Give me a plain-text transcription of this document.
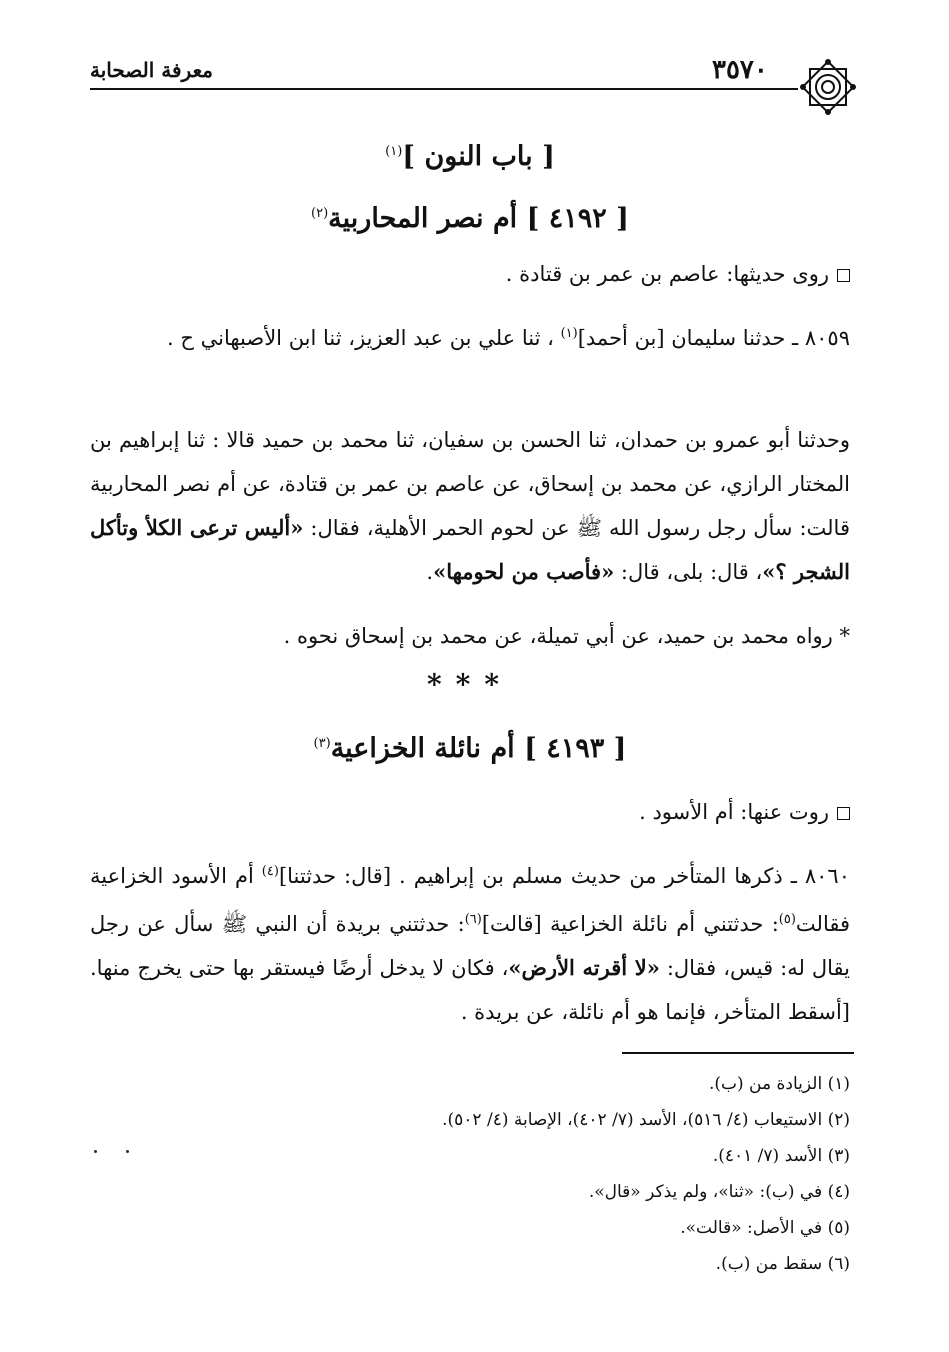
٣٥٧٠
معرفة الصحابة
[ باب النون ]$^{(١)}$
[ ٤١٩٢ ] أم نصر المحاربية$^{(٢)}$
روى حديثها: عاصم بن عمر بن قتادة .
٨٠٥٩ ـ حدثنا سليمان [بن أحمد]$^{(١)}$ ، ثنا علي بن عبد العزيز، ثنا ابن الأصبهاني ح .
وحدثنا أبو عمرو بن حمدان، ثنا الحسن بن سفيان، ثنا محمد بن حميد قالا : ثنا إبراهيم بن المختار الرازي، عن محمد بن إسحاق، عن عاصم بن عمر بن قتادة، عن أم نصر المحاربية قالت: سأل رجل رسول الله ﷺ عن لحوم الحمر الأهلية، فقال: «أليس ترعى الكلأ وتأكل الشجر ؟»، قال: بلى، قال: «فأصب من لحومها».
* رواه محمد بن حميد، عن أبي تميلة، عن محمد بن إسحاق نحوه .
***
[ ٤١٩٣ ] أم نائلة الخزاعية$^{(٣)}$
روت عنها: أم الأسود .
٨٠٦٠ ـ ذكرها المتأخر من حديث مسلم بن إبراهيم . [قال: حدثتنا]$^{(٤)}$ أم الأسود الخزاعية فقالت$^{(٥)}$: حدثتني أم نائلة الخزاعية [قالت]$^{(٦)}$: حدثتني بريدة أن النبي ﷺ سأل عن رجل يقال له: قيس، فقال: «لا أقرته الأرض»، فكان لا يدخل أرضًا فيستقر بها حتى يخرج منها. [أسقط المتأخر، فإنما هو أم نائلة، عن بريدة .
(١) الزيادة من (ب).
(٢) الاستيعاب (٤/ ٥١٦)، الأسد (٧/ ٤٠٢)، الإصابة (٤/ ٥٠٢).
(٣) الأسد (٧/ ٤٠١).
(٤) في (ب): «ثنا»، ولم يذكر «قال».
(٥) في الأصل: «قالت».
(٦) سقط من (ب).
